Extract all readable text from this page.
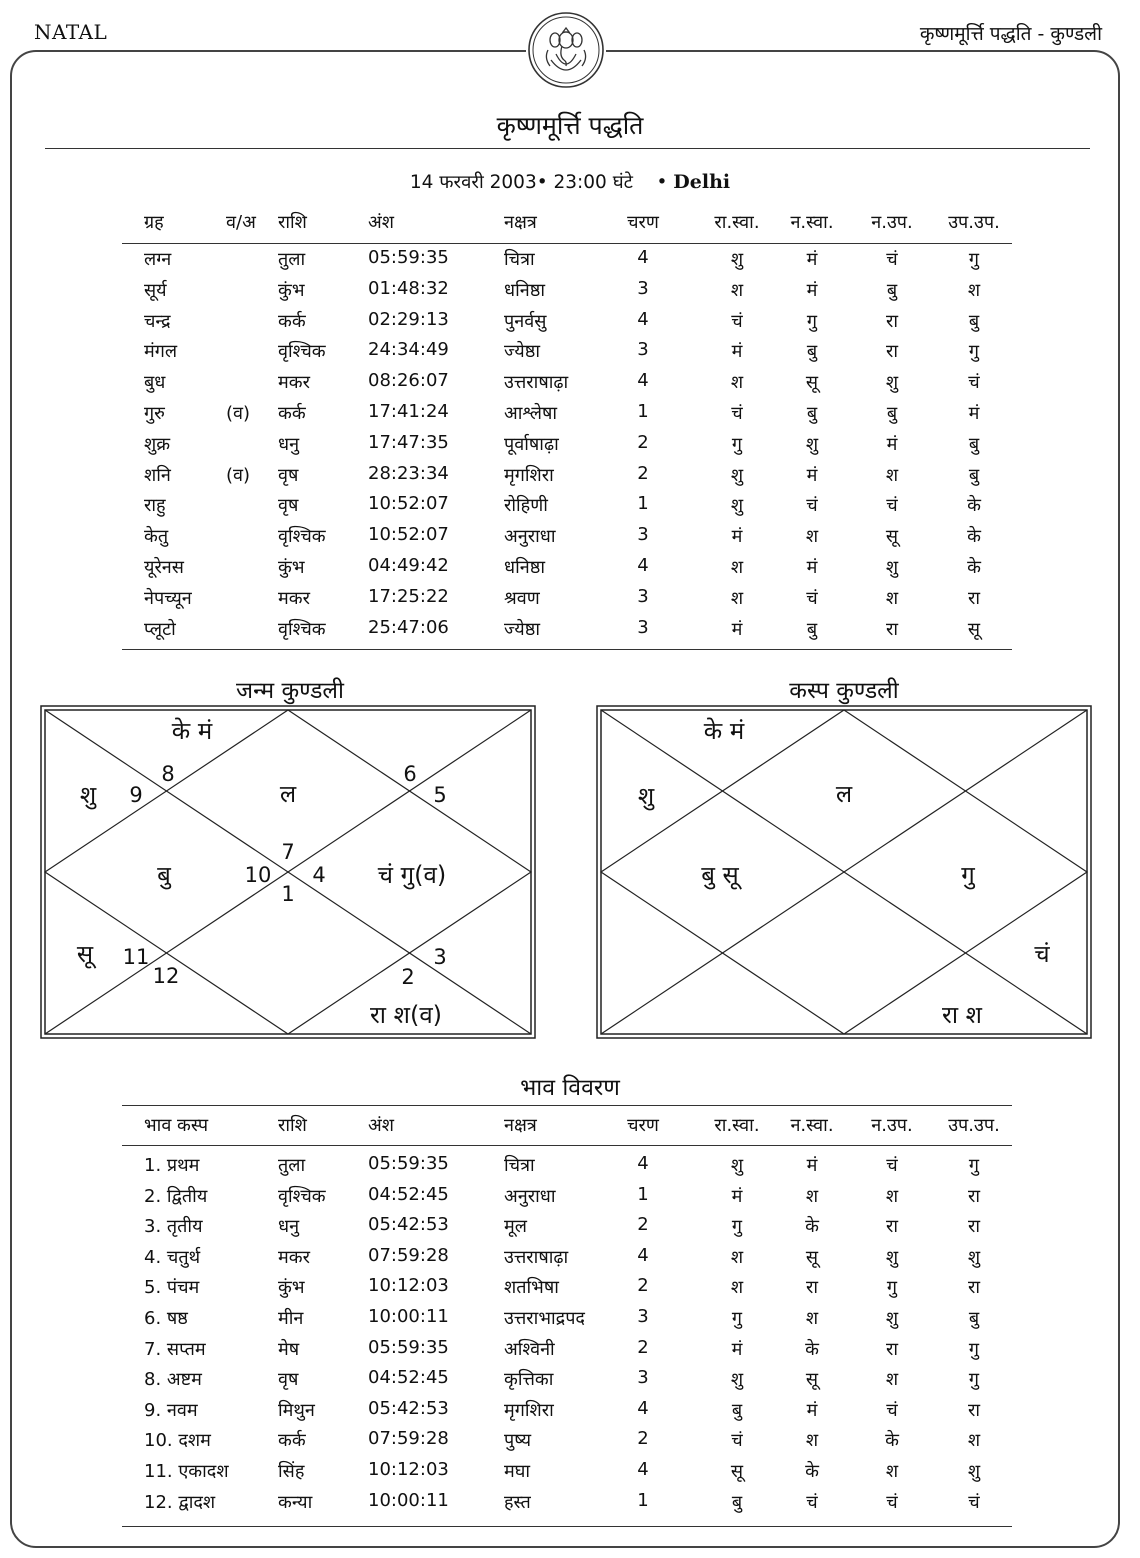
NATAL	कृष्णमूर्त्ति पद्धति - कुण्डली
कृष्णमूर्त्ति पद्धति
14 फरवरी 2003• 23:00 घंटे    • Delhi
ग्रह	व/अ राशि	अंश	नक्षत्र	चरण	रा.स्वा.	न.स्वा.	न.उप.	उप.उप.
लग्न	तुला	05:59:35	चित्रा	4	शु	मं	चं	गु
सूर्य	कुंभ	01:48:32	धनिष्ठा	3	श	मं	बु	श
चन्द्र	कर्क	02:29:13	पुनर्वसु	4	चं	गु	रा	बु
मंगल	वृश्चिक 24:34:49	ज्येष्ठा	3	मं	बु	रा	गु
बुध	मकर	08:26:07	उत्तराषाढ़ा	4	श	सू	शु	चं
गुरु	(व) कर्क	17:41:24	आश्लेषा	1	चं	बु	बु	मं
शुक्र	धनु	17:47:35	पूर्वाषाढ़ा	2	गु	शु	मं	बु
शनि	(व) वृष	28:23:34	मृगशिरा	2	शु	मं	श	बु
राहु	वृष	10:52:07	रोहिणी	1	शु	चं	चं	के
केतु	वृश्चिक 10:52:07	अनुराधा	3	मं	श	सू	के
यूरेनस	कुंभ	04:49:42	धनिष्ठा	4	श	मं	शु	के
नेपच्यून	मकर	17:25:22	श्रवण	3	श	चं	श	रा
प्लूटो	वृश्चिक 25:47:06	ज्येष्ठा	3	मं	बु	रा	सू
जन्म कुण्डली	कस्प कुण्डली
ल
7
के मं
8
शु 9
बु	10
सू 11
12
1
रा श(व)
2
3
चं गु(व)
4
5
6
ल
के मं
शु
बु सू
रा श
चं
गु
भाव विवरण
भाव कस्प	राशि	अंश	नक्षत्र	चरण	रा.स्वा.	न.स्वा.	न.उप.	उप.उप.
1. प्रथम	तुला	05:59:35	चित्रा	4	शु	मं	चं	गु
2. द्वितीय	वृश्चिक 04:52:45	अनुराधा	1	मं	श	श	रा
3. तृतीय	धनु	05:42:53	मूल	2	गु	के	रा	रा
4. चतुर्थ	मकर	07:59:28	उत्तराषाढ़ा	4	श	सू	शु	शु
5. पंचम	कुंभ	10:12:03	शतभिषा	2	श	रा	गु	रा
6. षष्ठ	मीन	10:00:11	उत्तराभाद्रपद	3	गु	श	शु	बु
7. सप्तम	मेष	05:59:35	अश्विनी	2	मं	के	रा	गु
8. अष्टम	वृष	04:52:45	कृत्तिका	3	शु	सू	श	गु
9. नवम	मिथुन	05:42:53	मृगशिरा	4	बु	मं	चं	रा
10. दशम	कर्क	07:59:28	पुष्य	2	चं	श	के	श
11. एकादश	सिंह	10:12:03	मघा	4	सू	के	श	शु
12. द्वादश	कन्या	10:00:11	हस्त	1	बु	चं	चं	चं
